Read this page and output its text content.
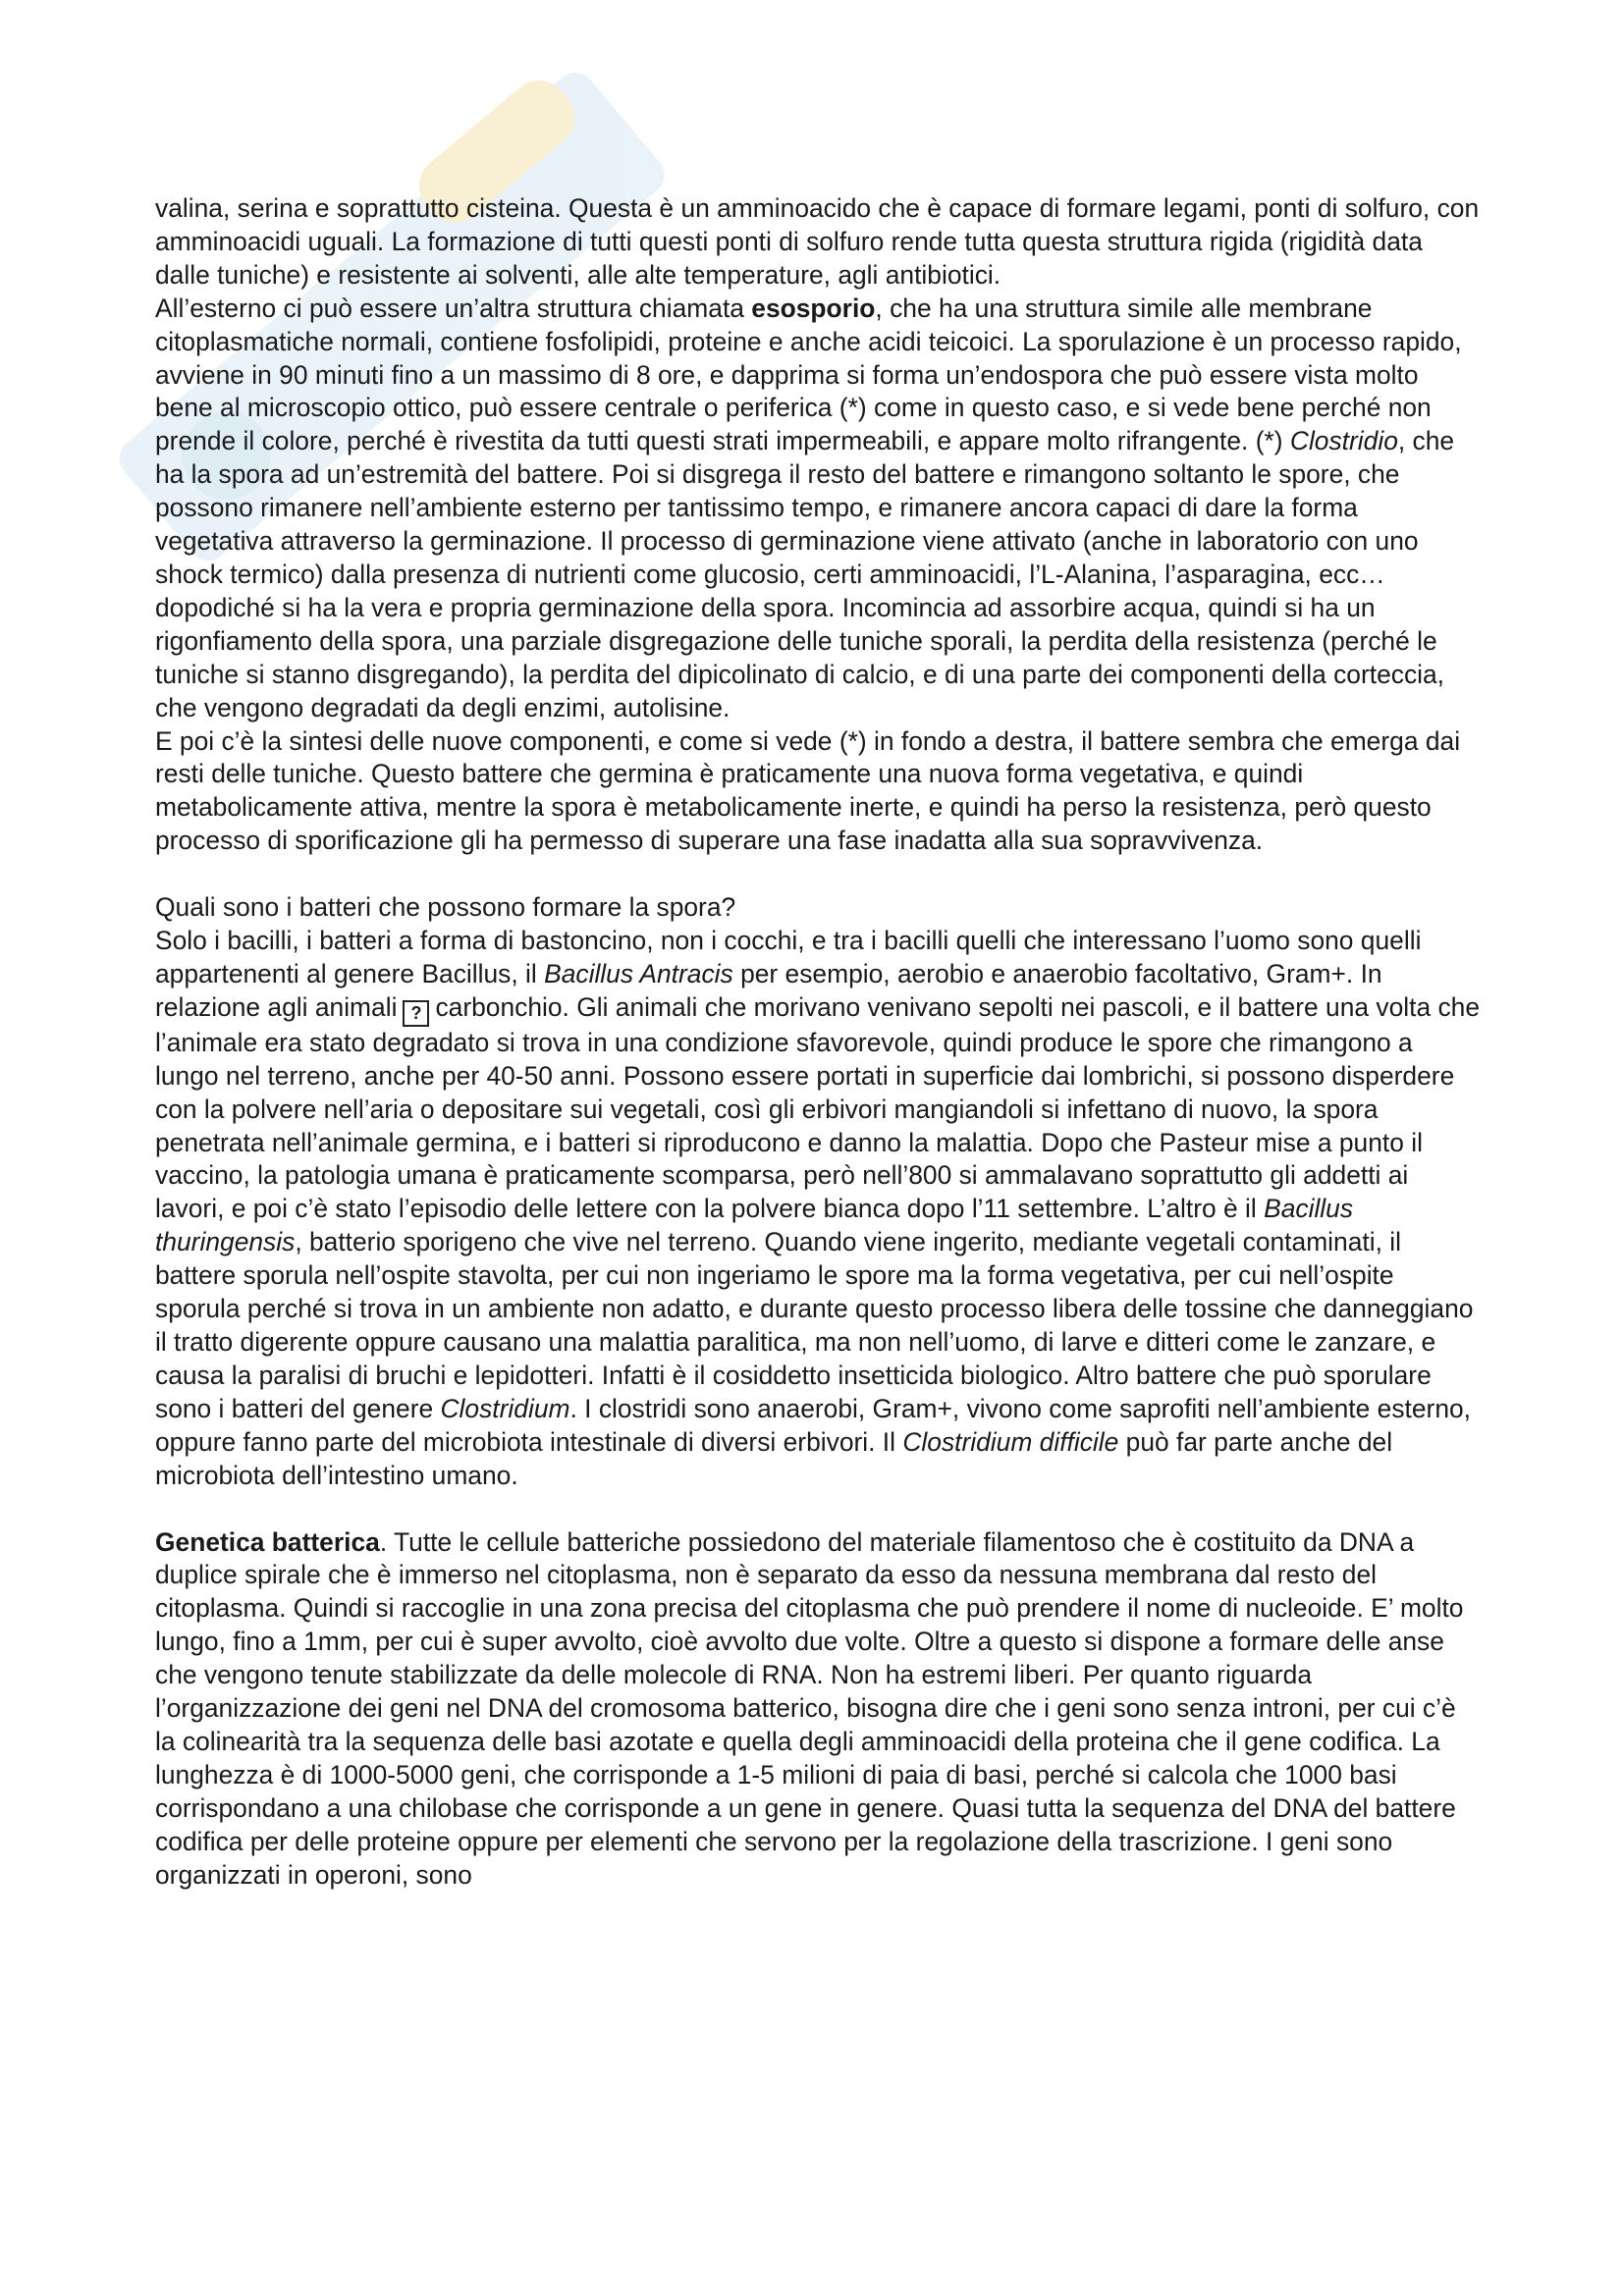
valina, serina e soprattutto cisteina. Questa è un amminoacido che è capace di formare legami, ponti di solfuro, con amminoacidi uguali. La formazione di tutti questi ponti di solfuro rende tutta questa struttura rigida (rigidità data dalle tuniche) e resistente ai solventi, alle alte temperature, agli antibiotici.

All’esterno ci può essere un’altra struttura chiamata esosporio, che ha una struttura simile alle membrane citoplasmatiche normali, contiene fosfolipidi, proteine e anche acidi teicoici. La sporulazione è un processo rapido, avviene in 90 minuti fino a un massimo di 8 ore, e dapprima si forma un’endospora che può essere vista molto bene al microscopio ottico, può essere centrale o periferica (*) come in questo caso, e si vede bene perché non prende il colore, perché è rivestita da tutti questi strati impermeabili, e appare molto rifrangente. (*) Clostridio, che ha la spora ad un’estremità del battere. Poi si disgrega il resto del battere e rimangono soltanto le spore, che possono rimanere nell’ambiente esterno per tantissimo tempo, e rimanere ancora capaci di dare la forma vegetativa attraverso la germinazione. Il processo di germinazione viene attivato (anche in laboratorio con uno shock termico) dalla presenza di nutrienti come glucosio, certi amminoacidi, l’L-Alanina, l’asparagina, ecc… dopodiché si ha la vera e propria germinazione della spora. Incomincia ad assorbire acqua, quindi si ha un rigonfiamento della spora, una parziale disgregazione delle tuniche sporali, la perdita della resistenza (perché le tuniche si stanno disgregando), la perdita del dipicolinato di calcio, e di una parte dei componenti della corteccia, che vengono degradati da degli enzimi, autolisine.

E poi c’è la sintesi delle nuove componenti, e come si vede (*) in fondo a destra, il battere sembra che emerga dai resti delle tuniche. Questo battere che germina è praticamente una nuova forma vegetativa, e quindi metabolicamente attiva, mentre la spora è metabolicamente inerte, e quindi ha perso la resistenza, però questo processo di sporificazione gli ha permesso di superare una fase inadatta alla sua sopravvivenza.

Quali sono i batteri che possono formare la spora?

Solo i bacilli, i batteri a forma di bastoncino, non i cocchi, e tra i bacilli quelli che interessano l’uomo sono quelli appartenenti al genere Bacillus, il Bacillus Antracis per esempio, aerobio e anaerobio facoltativo, Gram+. In relazione agli animali ? carbonchio. Gli animali che morivano venivano sepolti nei pascoli, e il battere una volta che l’animale era stato degradato si trova in una condizione sfavorevole, quindi produce le spore che rimangono a lungo nel terreno, anche per 40-50 anni. Possono essere portati in superficie dai lombrichi, si possono disperdere con la polvere nell’aria o depositare sui vegetali, così gli erbivori mangiandoli si infettano di nuovo, la spora penetrata nell’animale germina, e i batteri si riproducono e danno la malattia. Dopo che Pasteur mise a punto il vaccino, la patologia umana è praticamente scomparsa, però nell’800 si ammalavano soprattutto gli addetti ai lavori, e poi c’è stato l’episodio delle lettere con la polvere bianca dopo l’11 settembre. L’altro è il Bacillus thuringensis, batterio sporigeno che vive nel terreno. Quando viene ingerito, mediante vegetali contaminati, il battere sporula nell’ospite stavolta, per cui non ingeriamo le spore ma la forma vegetativa, per cui nell’ospite sporula perché si trova in un ambiente non adatto, e durante questo processo libera delle tossine che danneggiano il tratto digerente oppure causano una malattia paralitica, ma non nell’uomo, di larve e ditteri come le zanzare, e causa la paralisi di bruchi e lepidotteri. Infatti è il cosiddetto insetticida biologico. Altro battere che può sporulare sono i batteri del genere Clostridium. I clostridi sono anaerobi, Gram+, vivono come saprofiti nell’ambiente esterno, oppure fanno parte del microbiota intestinale di diversi erbivori. Il Clostridium difficile può far parte anche del microbiota dell’intestino umano.

Genetica batterica. Tutte le cellule batteriche possiedono del materiale filamentoso che è costituito da DNA a duplice spirale che è immerso nel citoplasma, non è separato da esso da nessuna membrana dal resto del citoplasma. Quindi si raccoglie in una zona precisa del citoplasma che può prendere il nome di nucleoide. E’ molto lungo, fino a 1mm, per cui è super avvolto, cioè avvolto due volte. Oltre a questo si dispone a formare delle anse che vengono tenute stabilizzate da delle molecole di RNA. Non ha estremi liberi. Per quanto riguarda l’organizzazione dei geni nel DNA del cromosoma batterico, bisogna dire che i geni sono senza introni, per cui c’è la colinearità tra la sequenza delle basi azotate e quella degli amminoacidi della proteina che il gene codifica. La lunghezza è di 1000-5000 geni, che corrisponde a 1-5 milioni di paia di basi, perché si calcola che 1000 basi corrispondano a una chilobase che corrisponde a un gene in genere. Quasi tutta la sequenza del DNA del battere codifica per delle proteine oppure per elementi che servono per la regolazione della trascrizione. I geni sono organizzati in operoni, sono
